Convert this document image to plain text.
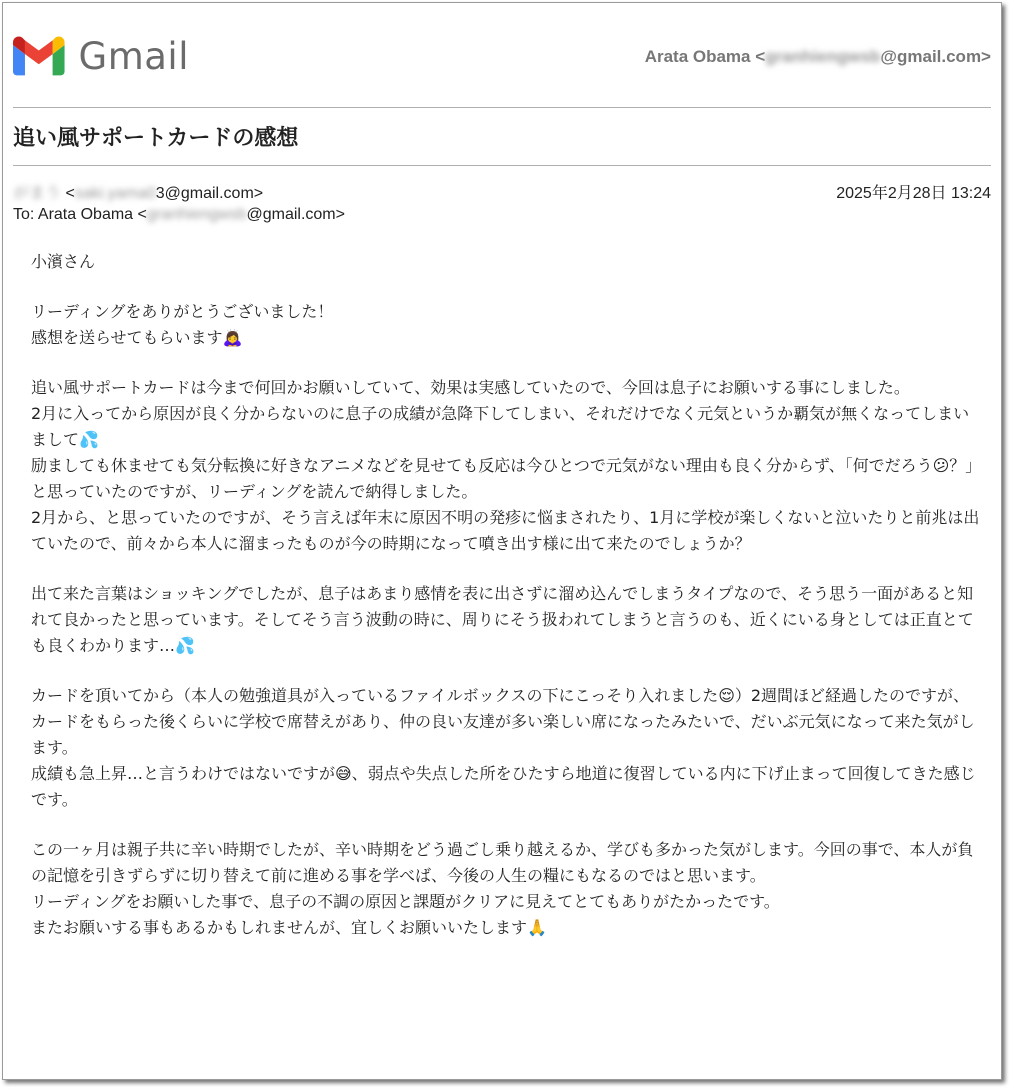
Gmail	Arata Obama <granhiengwsb@gmail.com>
追い風サポートカードの感想
がまう <saki.yama03@gmail.com>	2025年2月28日 13:24
To: Arata Obama <granhiengwsb@gmail.com>

小濱さん

リーディングをありがとうございました！
感想を送らせてもらいます🙇‍♀️

追い風サポートカードは今まで何回かお願いしていて、効果は実感していたので、今回は息子にお願いする事にしました。
2月に入ってから原因が良く分からないのに息子の成績が急降下してしまい、それだけでなく元気というか覇気が無くなってしまいまして💦
励ましても休ませても気分転換に好きなアニメなどを見せても反応は今ひとつで元気がない理由も良く分からず、「何でだろう😕？」と思っていたのですが、リーディングを読んで納得しました。
2月から、と思っていたのですが、そう言えば年末に原因不明の発疹に悩まされたり、1月に学校が楽しくないと泣いたりと前兆は出ていたので、前々から本人に溜まったものが今の時期になって噴き出す様に出て来たのでしょうか？

出て来た言葉はショッキングでしたが、息子はあまり感情を表に出さずに溜め込んでしまうタイプなので、そう思う一面があると知れて良かったと思っています。そしてそう言う波動の時に、周りにそう扱われてしまうと言うのも、近くにいる身としては正直とても良くわかります…💦

カードを頂いてから（本人の勉強道具が入っているファイルボックスの下にこっそり入れました😌）2週間ほど経過したのですが、カードをもらった後くらいに学校で席替えがあり、仲の良い友達が多い楽しい席になったみたいで、だいぶ元気になって来た気がします。
成績も急上昇…と言うわけではないですが😅、弱点や失点した所をひたすら地道に復習している内に下げ止まって回復してきた感じです。

この一ヶ月は親子共に辛い時期でしたが、辛い時期をどう過ごし乗り越えるか、学びも多かった気がします。今回の事で、本人が負の記憶を引きずらずに切り替えて前に進める事を学べば、今後の人生の糧にもなるのではと思います。
リーディングをお願いした事で、息子の不調の原因と課題がクリアに見えてとてもありがたかったです。
またお願いする事もあるかもしれませんが、宜しくお願いいたします🙏
